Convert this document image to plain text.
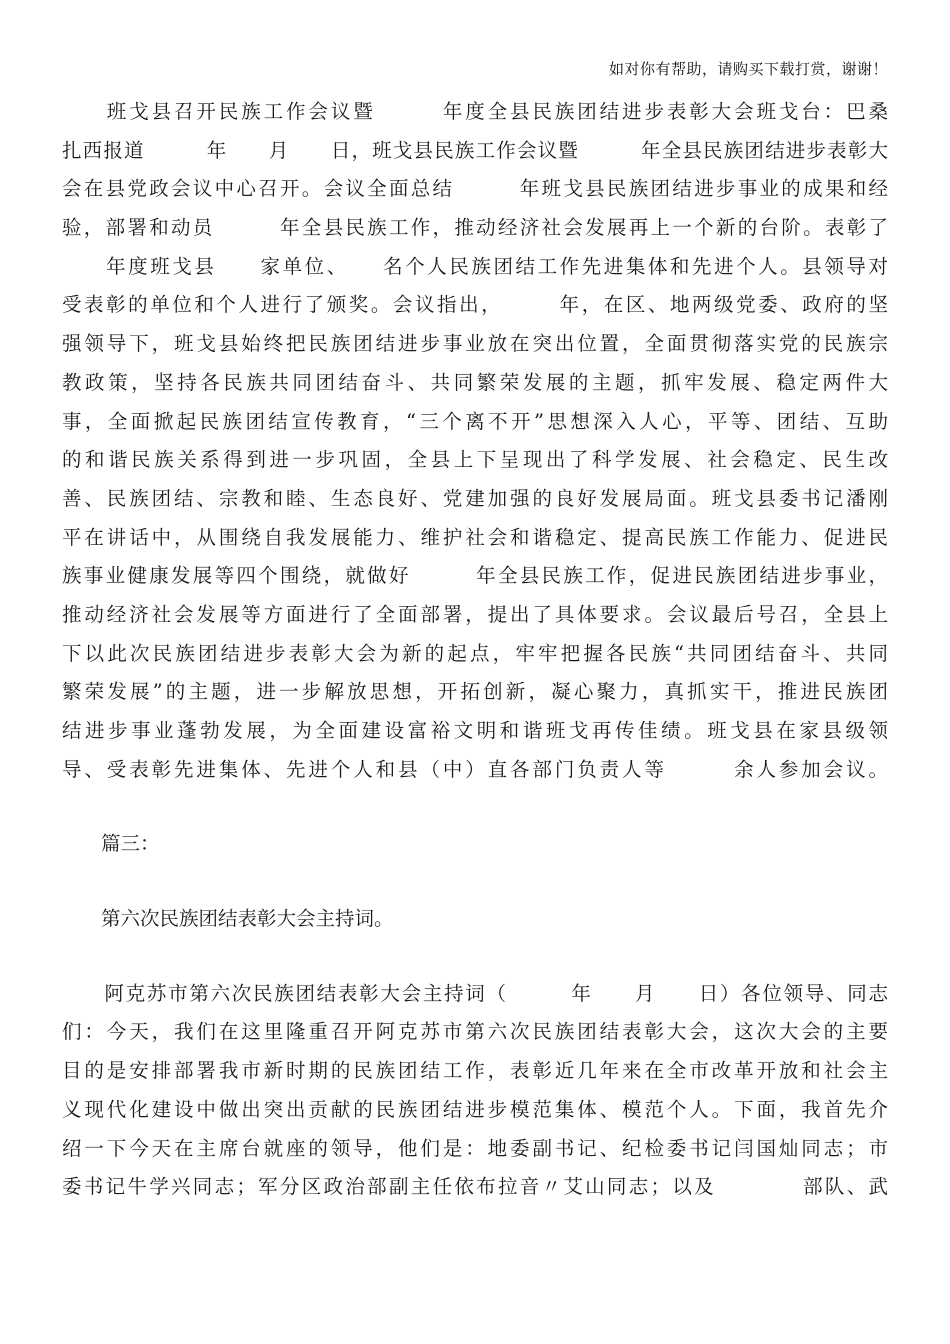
如对你有帮助，请购买下载打赏，谢谢！
　　班戈县召开民族工作会议暨　　　年度全县民族团结进步表彰大会班戈台：巴桑
扎西报道　　　年　　月　　日，班戈县民族工作会议暨　　　年全县民族团结进步表彰大
会在县党政会议中心召开。会议全面总结　　　年班戈县民族团结进步事业的成果和经
验，部署和动员　　　年全县民族工作，推动经济社会发展再上一个新的台阶。表彰了
　　年度班戈县　　家单位、　　名个人民族团结工作先进集体和先进个人。县领导对
受表彰的单位和个人进行了颁奖。会议指出，　　　年，在区、地两级党委、政府的坚
强领导下，班戈县始终把民族团结进步事业放在突出位置，全面贯彻落实党的民族宗
教政策，坚持各民族共同团结奋斗、共同繁荣发展的主题，抓牢发展、稳定两件大
事，全面掀起民族团结宣传教育，“三个离不开”思想深入人心，平等、团结、互助
的和谐民族关系得到进一步巩固，全县上下呈现出了科学发展、社会稳定、民生改
善、民族团结、宗教和睦、生态良好、党建加强的良好发展局面。班戈县委书记潘刚
平在讲话中，从围绕自我发展能力、维护社会和谐稳定、提高民族工作能力、促进民
族事业健康发展等四个围绕，就做好　　　年全县民族工作，促进民族团结进步事业，
推动经济社会发展等方面进行了全面部署，提出了具体要求。会议最后号召，全县上
下以此次民族团结进步表彰大会为新的起点，牢牢把握各民族“共同团结奋斗、共同
繁荣发展”的主题，进一步解放思想，开拓创新，凝心聚力，真抓实干，推进民族团
结进步事业蓬勃发展，为全面建设富裕文明和谐班戈再传佳绩。班戈县在家县级领
导、受表彰先进集体、先进个人和县（中）直各部门负责人等　　　余人参加会议。
　　篇三：
　　第六次民族团结表彰大会主持词。
　　阿克苏市第六次民族团结表彰大会主持词（　　　年　　月　　日）各位领导、同志
们：今天，我们在这里隆重召开阿克苏市第六次民族团结表彰大会，这次大会的主要
目的是安排部署我市新时期的民族团结工作，表彰近几年来在全市改革开放和社会主
义现代化建设中做出突出贡献的民族团结进步模范集体、模范个人。下面，我首先介
绍一下今天在主席台就座的领导，他们是：地委副书记、纪检委书记闫国灿同志；市
委书记牛学兴同志；军分区政治部副主任依布拉音〃艾山同志；以及　　　　部队、武
